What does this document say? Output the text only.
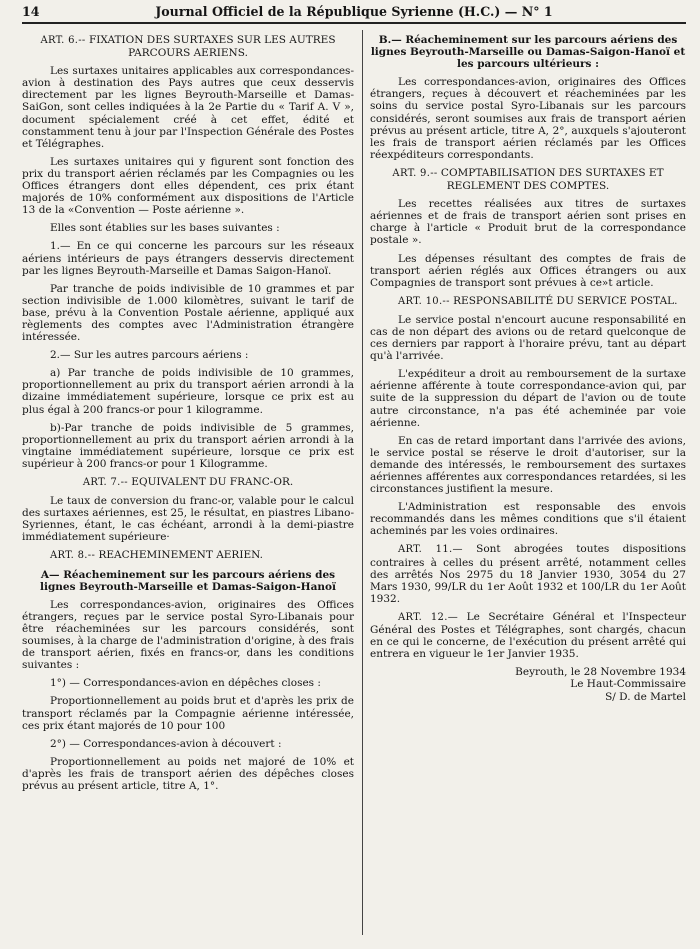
14	Journal Officiel de la République Syrienne (H.C.) — N° 1

ART. 6.-- FIXATION DES SURTAXES SUR LES AUTRES PARCOURS AERIENS.

Les surtaxes unitaires applicables aux correspondances-avion à destination des Pays autres que ceux desservis directement par les lignes Beyrouth-Marseille et Damas-SaiGon, sont celles indiquées à la 2e Partie du « Tarif A. V », document spécialement créé à cet effet, édité et constamment tenu à jour par l'Inspection Générale des Postes et Télégraphes.

Les surtaxes unitaires qui y figurent sont fonction des prix du transport aérien réclamés par les Compagnies ou les Offices étrangers dont elles dépendent, ces prix étant majorés de 10% conformément aux dispositions de l'Article 13 de la «Convention — Poste aérienne ».

Elles sont établies sur les bases suivantes :

1.— En ce qui concerne les parcours sur les réseaux aériens intérieurs de pays étrangers desservis directement par les lignes Beyrouth-Marseille et Damas Saigon-Hanoï.

Par tranche de poids indivisible de 10 grammes et par section indivisible de 1.000 kilomètres, suivant le tarif de base, prévu à la Convention Postale aérienne, appliqué aux règlements des comptes avec l'Administration étrangère intéressée.

2.— Sur les autres parcours aériens :

a) Par tranche de poids indivisible de 10 grammes, proportionnellement au prix du transport aérien arrondi à la dizaine immédiatement supérieure, lorsque ce prix est au plus égal à 200 francs-or pour 1 kilogramme.

b)-Par tranche de poids indivisible de 5 grammes, proportionnellement au prix du transport aérien arrondi à la vingtaine immédiatement supérieure, lorsque ce prix est supérieur à 200 francs-or pour 1 Kilogramme.

ART. 7.-- EQUIVALENT DU FRANC-OR.

Le taux de conversion du franc-or, valable pour le calcul des surtaxes aériennes, est 25, le résultat, en piastres Libano-Syriennes, étant, le cas échéant, arrondi à la demi-piastre immédiatement supérieure·

ART. 8.-- REACHEMINEMENT AERIEN.

A— Réacheminement sur les parcours aériens des lignes Beyrouth-Marseille et Damas-Saigon-Hanoï

Les correspondances-avion, originaires des Offices étrangers, reçues par le service postal Syro-Libanais pour être réacheminées sur les parcours considérés, sont soumises, à la charge de l'administration d'origine, à des frais de transport aérien, fixés en francs-or, dans les conditions suivantes :

1°) — Correspondances-avion en dépêches closes :

Proportionnellement au poids brut et d'après les prix de transport réclamés par la Compagnie aérienne intéressée, ces prix étant majorés de 10 pour 100

2°) — Correspondances-avion à découvert :

Proportionnellement au poids net majoré de 10% et d'après les frais de transport aérien des dépêches closes prévus au présent article, titre A, 1°.

B.— Réacheminement sur les parcours aériens des lignes Beyrouth-Marseille ou Damas-Saigon-Hanoï et les parcours ultérieurs :

Les correspondances-avion, originaires des Offices étrangers, reçues à découvert et réacheminées par les soins du service postal Syro-Libanais sur les parcours considérés, seront soumises aux frais de transport aérien prévus au présent article, titre A, 2°, auxquels s'ajouteront les frais de transport aérien réclamés par les Offices réexpéditeurs correspondants.

ART. 9.-- COMPTABILISATION DES SURTAXES ET REGLEMENT DES COMPTES.

Les recettes réalisées aux titres de surtaxes aériennes et de frais de transport aérien sont prises en charge à l'article « Produit brut de la correspondance postale ».

Les dépenses résultant des comptes de frais de transport aérien réglés aux Offices étrangers ou aux Compagnies de transport sont prévues à ce»t article.

ART. 10.-- RESPONSABILITÉ DU SERVICE POSTAL.

Le service postal n'encourt aucune responsabilité en cas de non départ des avions ou de retard quelconque de ces derniers par rapport à l'horaire prévu, tant au départ qu'à l'arrivée.

L'expéditeur a droit au remboursement de la surtaxe aérienne afférente à toute correspondance-avion qui, par suite de la suppression du départ de l'avion ou de toute autre circonstance, n'a pas été acheminée par voie aérienne.

En cas de retard important dans l'arrivée des avions, le service postal se réserve le droit d'autoriser, sur la demande des intéressés, le remboursement des surtaxes aériennes afférentes aux correspondances retardées, si les circonstances justifient la mesure.

L'Administration est responsable des envois recommandés dans les mêmes conditions que s'il étaient acheminés par les voies ordinaires.

ART. 11.— Sont abrogées toutes dispositions contraires à celles du présent arrêté, notamment celles des arrêtés Nos 2975 du 18 Janvier 1930, 3054 du 27 Mars 1930, 99/LR du 1er Août 1932 et 100/LR du 1er Août 1932.

ART. 12.— Le Secrétaire Général et l'Inspecteur Général des Postes et Télégraphes, sont chargés, chacun en ce qui le concerne, de l'exécution du présent arrêté qui entrera en vigueur le 1er Janvier 1935.

Beyrouth, le 28 Novembre 1934

Le Haut-Commissaire

S/ D. de Martel
